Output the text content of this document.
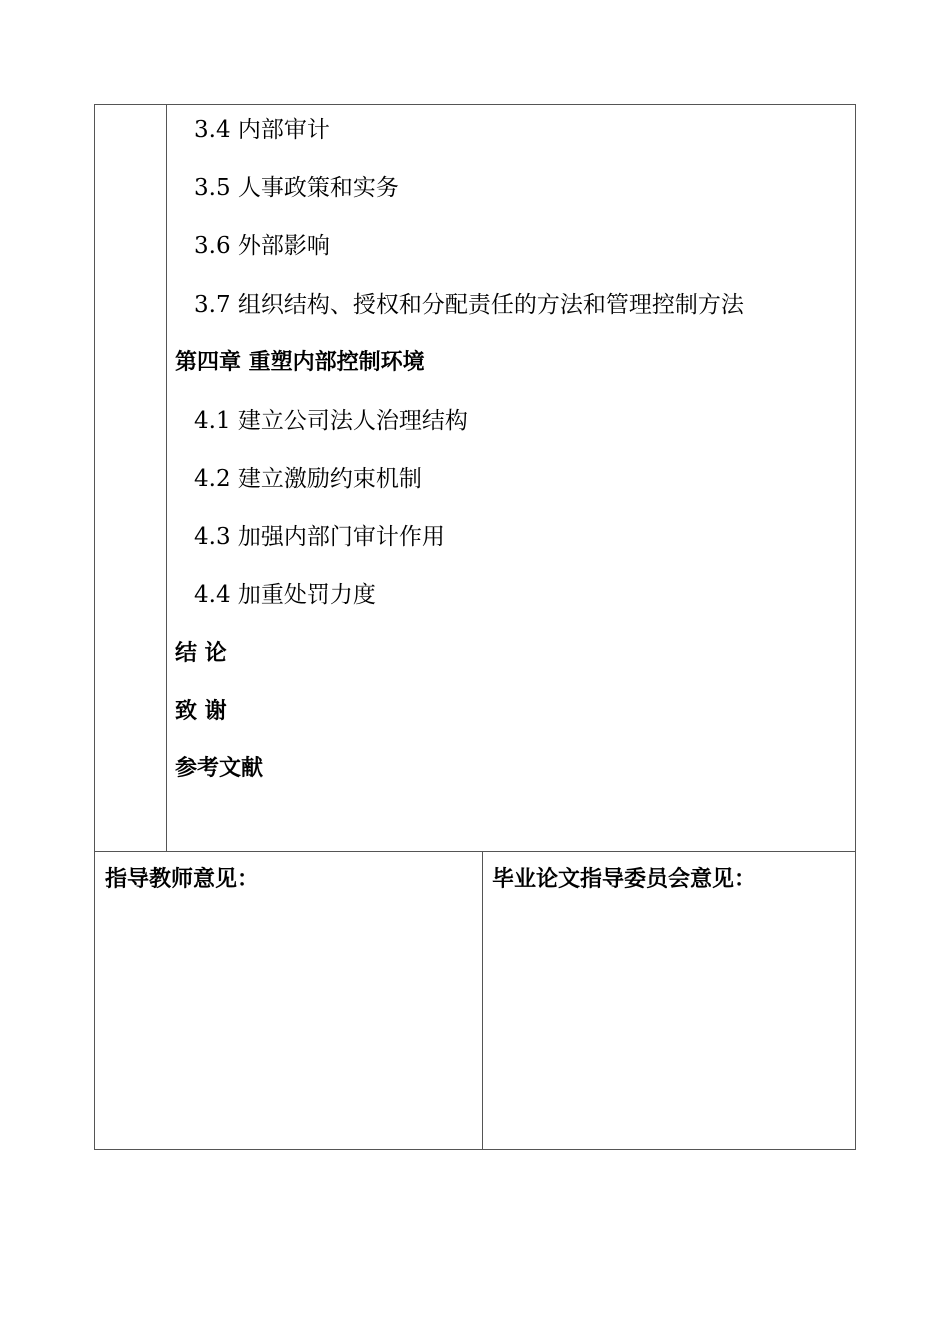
3.4 内部审计
3.5 人事政策和实务
3.6 外部影响
3.7 组织结构、授权和分配责任的方法和管理控制方法
第四章 重塑内部控制环境
4.1 建立公司法人治理结构
4.2 建立激励约束机制
4.3 加强内部门审计作用
4.4 加重处罚力度
结 论
致 谢
参考文献
指导教师意见：	毕业论文指导委员会意见：
